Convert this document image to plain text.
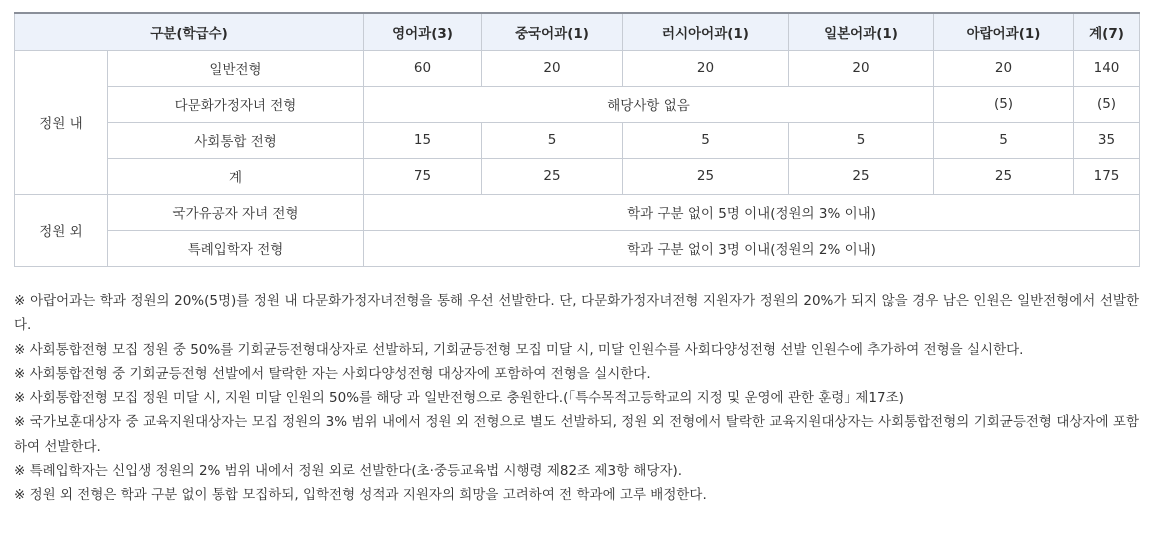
구분(학급수)		영어과(3)	중국어과(1)	러시아어과(1)	일본어과(1)	아랍어과(1)	계(7)
정원 내	일반전형	60	20	20	20	20	140
	다문화가정자녀 전형	해당사항 없음				(5)	(5)
	사회통합 전형	15	5	5	5	5	35
	계	75	25	25	25	25	175
정원 외	국가유공자 자녀 전형	학과 구분 없이 5명 이내(정원의 3% 이내)					
	특례입학자 전형	학과 구분 없이 3명 이내(정원의 2% 이내)					

※ 아랍어과는 학과 정원의 20%(5명)를 정원 내 다문화가정자녀전형을 통해 우선 선발한다. 단, 다문화가정자녀전형 지원자가 정원의 20%가 되지 않을 경우 남은 인원은 일반전형에서 선발한다.

※ 사회통합전형 모집 정원 중 50%를 기회균등전형대상자로 선발하되, 기회균등전형 모집 미달 시, 미달 인원수를 사회다양성전형 선발 인원수에 추가하여 전형을 실시한다.

※ 사회통합전형 중 기회균등전형 선발에서 탈락한 자는 사회다양성전형 대상자에 포함하여 전형을 실시한다.

※ 사회통합전형 모집 정원 미달 시, 지원 미달 인원의 50%를 해당 과 일반전형으로 충원한다.(｢특수목적고등학교의 지정 및 운영에 관한 훈령｣ 제17조)

※ 국가보훈대상자 중 교육지원대상자는 모집 정원의 3% 범위 내에서 정원 외 전형으로 별도 선발하되, 정원 외 전형에서 탈락한 교육지원대상자는 사회통합전형의 기회균등전형 대상자에 포함하여 선발한다.

※ 특례입학자는 신입생 정원의 2% 범위 내에서 정원 외로 선발한다(초·중등교육법 시행령 제82조 제3항 해당자).

※ 정원 외 전형은 학과 구분 없이 통합 모집하되, 입학전형 성적과 지원자의 희망을 고려하여 전 학과에 고루 배정한다.
